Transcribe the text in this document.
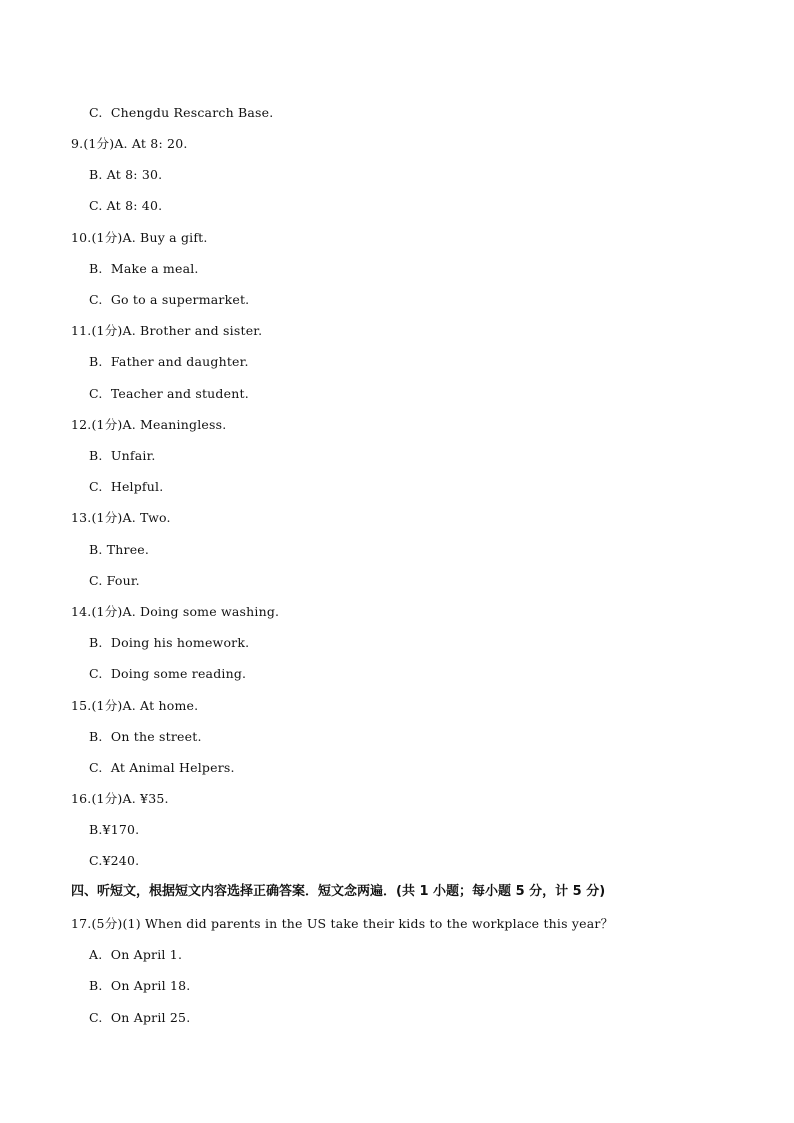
C.  Chengdu Rescarch Base.
9.(1分)A. At 8: 20.
B. At 8: 30.
C. At 8: 40.
10.(1分)A. Buy a gift.
B.  Make a meal.
C.  Go to a supermarket.
11.(1分)A. Brother and sister.
B.  Father and daughter.
C.  Teacher and student.
12.(1分)A. Meaningless.
B.  Unfair.
C.  Helpful.
13.(1分)A. Two.
B. Three.
C. Four.
14.(1分)A. Doing some washing.
B.  Doing his homework.
C.  Doing some reading.
15.(1分)A. At home.
B.  On the street.
C.  At Animal Helpers.
16.(1分)A. ¥35.
B.¥170.
C.¥240.
四、听短文，根据短文内容选择正确答案．短文念两遍．(共 1 小题；每小题 5 分，计 5 分)
17.(5分)(1) When did parents in the US take their kids to the workplace this year？
A.  On April 1.
B.  On April 18.
C.  On April 25.
